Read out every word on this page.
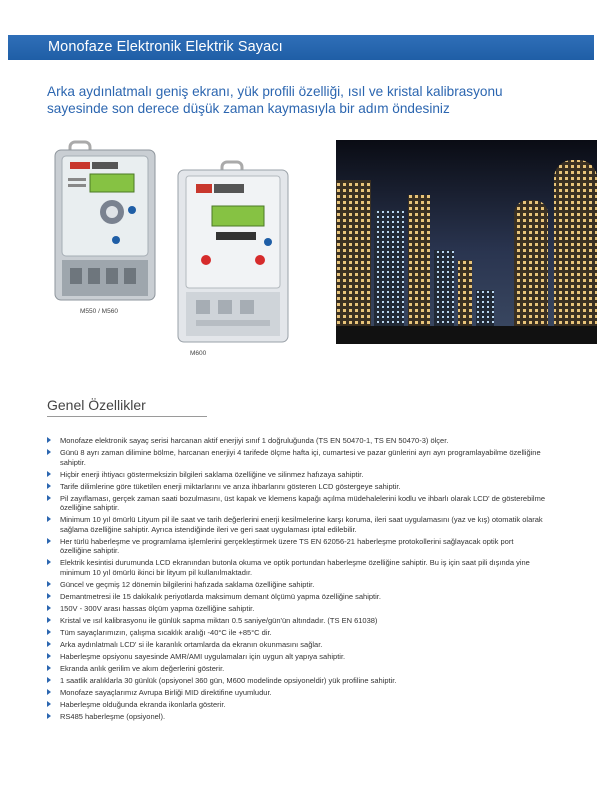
Monofaze Elektronik Elektrik Sayacı
Arka aydınlatmalı geniş ekranı, yük profili özelliği, ısıl ve kristal kalibrasyonu sayesinde son derece düşük zaman kaymasıyla bir adım öndesiniz
M550 / M560
M600
Genel Özellikler
Monofaze elektronik sayaç serisi harcanan aktif enerjiyi sınıf 1 doğruluğunda (TS EN 50470-1, TS EN 50470-3) ölçer.
Günü 8 ayrı zaman dilimine bölme, harcanan enerjiyi 4 tarifede ölçme hafta içi, cumartesi ve pazar günlerini ayrı ayrı programlayabilme özelliğine sahiptir.
Hiçbir enerji ihtiyacı göstermeksizin bilgileri saklama özelliğine ve silinmez hafızaya sahiptir.
Tarife dilimlerine göre tüketilen enerji miktarlarını ve arıza ihbarlarını gösteren LCD göstergeye sahiptir.
Pil zayıflaması, gerçek zaman saati bozulmasını, üst kapak ve klemens kapağı açılma müdehalelerini kodlu ve ihbarlı olarak LCD' de gösterebilme özelliğine sahiptir.
Minimum 10 yıl ömürlü Lityum pil ile saat ve tarih değerlerini enerji kesilmelerine karşı koruma, ileri saat uygulamasını (yaz ve kış) otomatik olarak sağlama özelliğine sahiptir. Ayrıca istendiğinde ileri ve geri saat uygulaması iptal edilebilir.
Her türlü haberleşme ve programlama işlemlerini gerçekleştirmek üzere TS EN 62056-21 haberleşme protokollerini sağlayacak optik port özelliğine sahiptir.
Elektrik kesintisi durumunda LCD ekranından butonla okuma ve optik portundan haberleşme özelliğine sahiptir. Bu iş için saat pili dışında yine minimum 10 yıl ömürlü ikinci bir lityum pil kullanılmaktadır.
Güncel ve geçmiş 12 dönemin bilgilerini hafızada saklama özelliğine sahiptir.
Demantmetresi ile 15 dakikalık periyotlarda maksimum demant ölçümü yapma özelliğine sahiptir.
150V - 300V arası hassas ölçüm yapma özelliğine sahiptir.
Kristal ve ısıl kalibrasyonu ile günlük sapma miktarı 0.5 saniye/gün'ün altındadır. (TS EN 61038)
Tüm sayaçlarımızın, çalışma sıcaklık aralığı -40°C ile +85°C dir.
Arka aydınlatmalı LCD' si ile karanlık ortamlarda da ekranın okunmasını sağlar.
Haberleşme opsiyonu sayesinde AMR/AMI uygulamaları için uygun alt yapıya sahiptir.
Ekranda anlık gerilim ve akım değerlerini gösterir.
1 saatlik aralıklarla 30 günlük (opsiyonel 360 gün, M600 modelinde opsiyoneldir) yük profiline sahiptir.
Monofaze sayaçlarımız Avrupa Birliği MID direktifine uyumludur.
Haberleşme olduğunda ekranda ikonlarla gösterir.
RS485 haberleşme (opsiyonel).
